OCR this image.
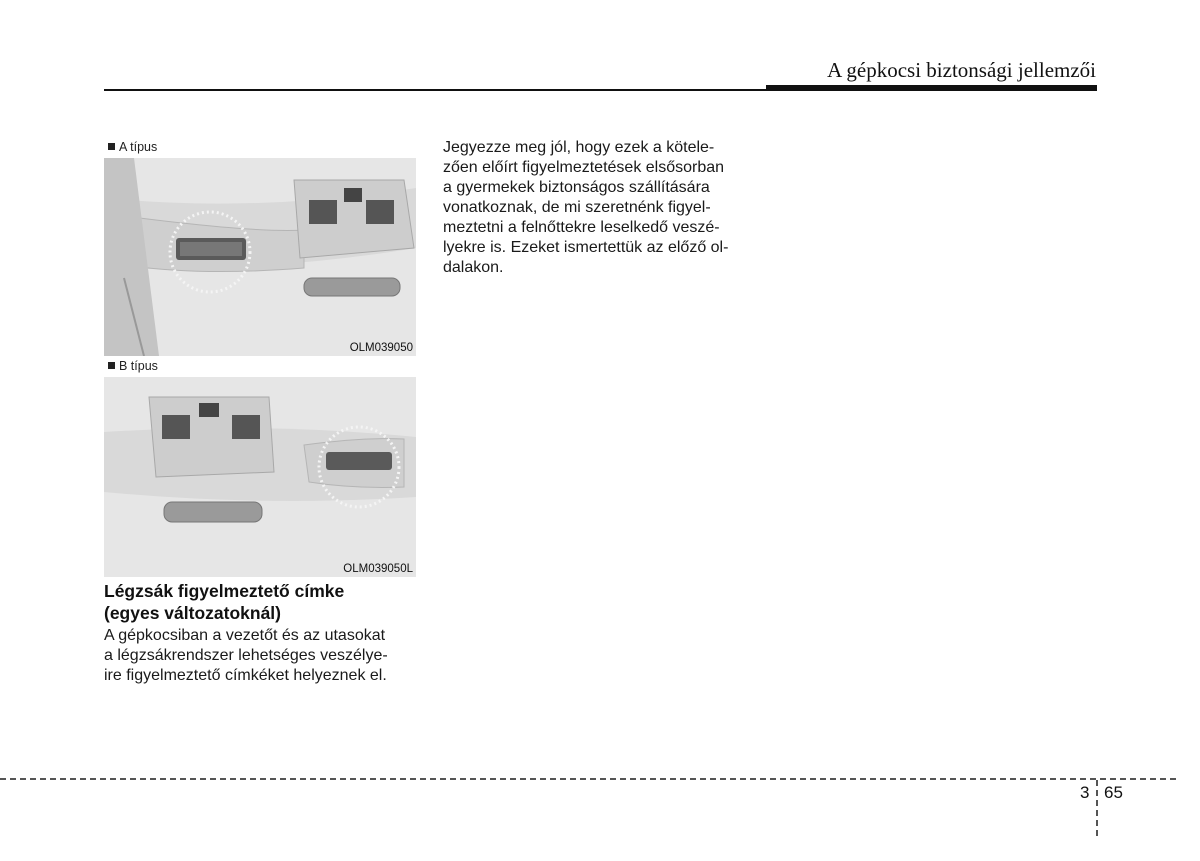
A gépkocsi biztonsági jellemzői
A típus
OLM039050
B típus
OLM039050L
Légzsák figyelmeztető címke
(egyes változatoknál)
A gépkocsiban a vezetőt és az utasokat
a légzsákrendszer lehetséges veszélye-
ire figyelmeztető címkéket helyeznek el.
Jegyezze meg jól, hogy ezek a kötele-
zően előírt figyelmeztetések elsősorban
a gyermekek biztonságos szállítására
vonatkoznak, de mi szeretnénk figyel-
meztetni a felnőttekre leselkedő veszé-
lyekre is. Ezeket ismertettük az előző ol-
dalakon.
3 65
